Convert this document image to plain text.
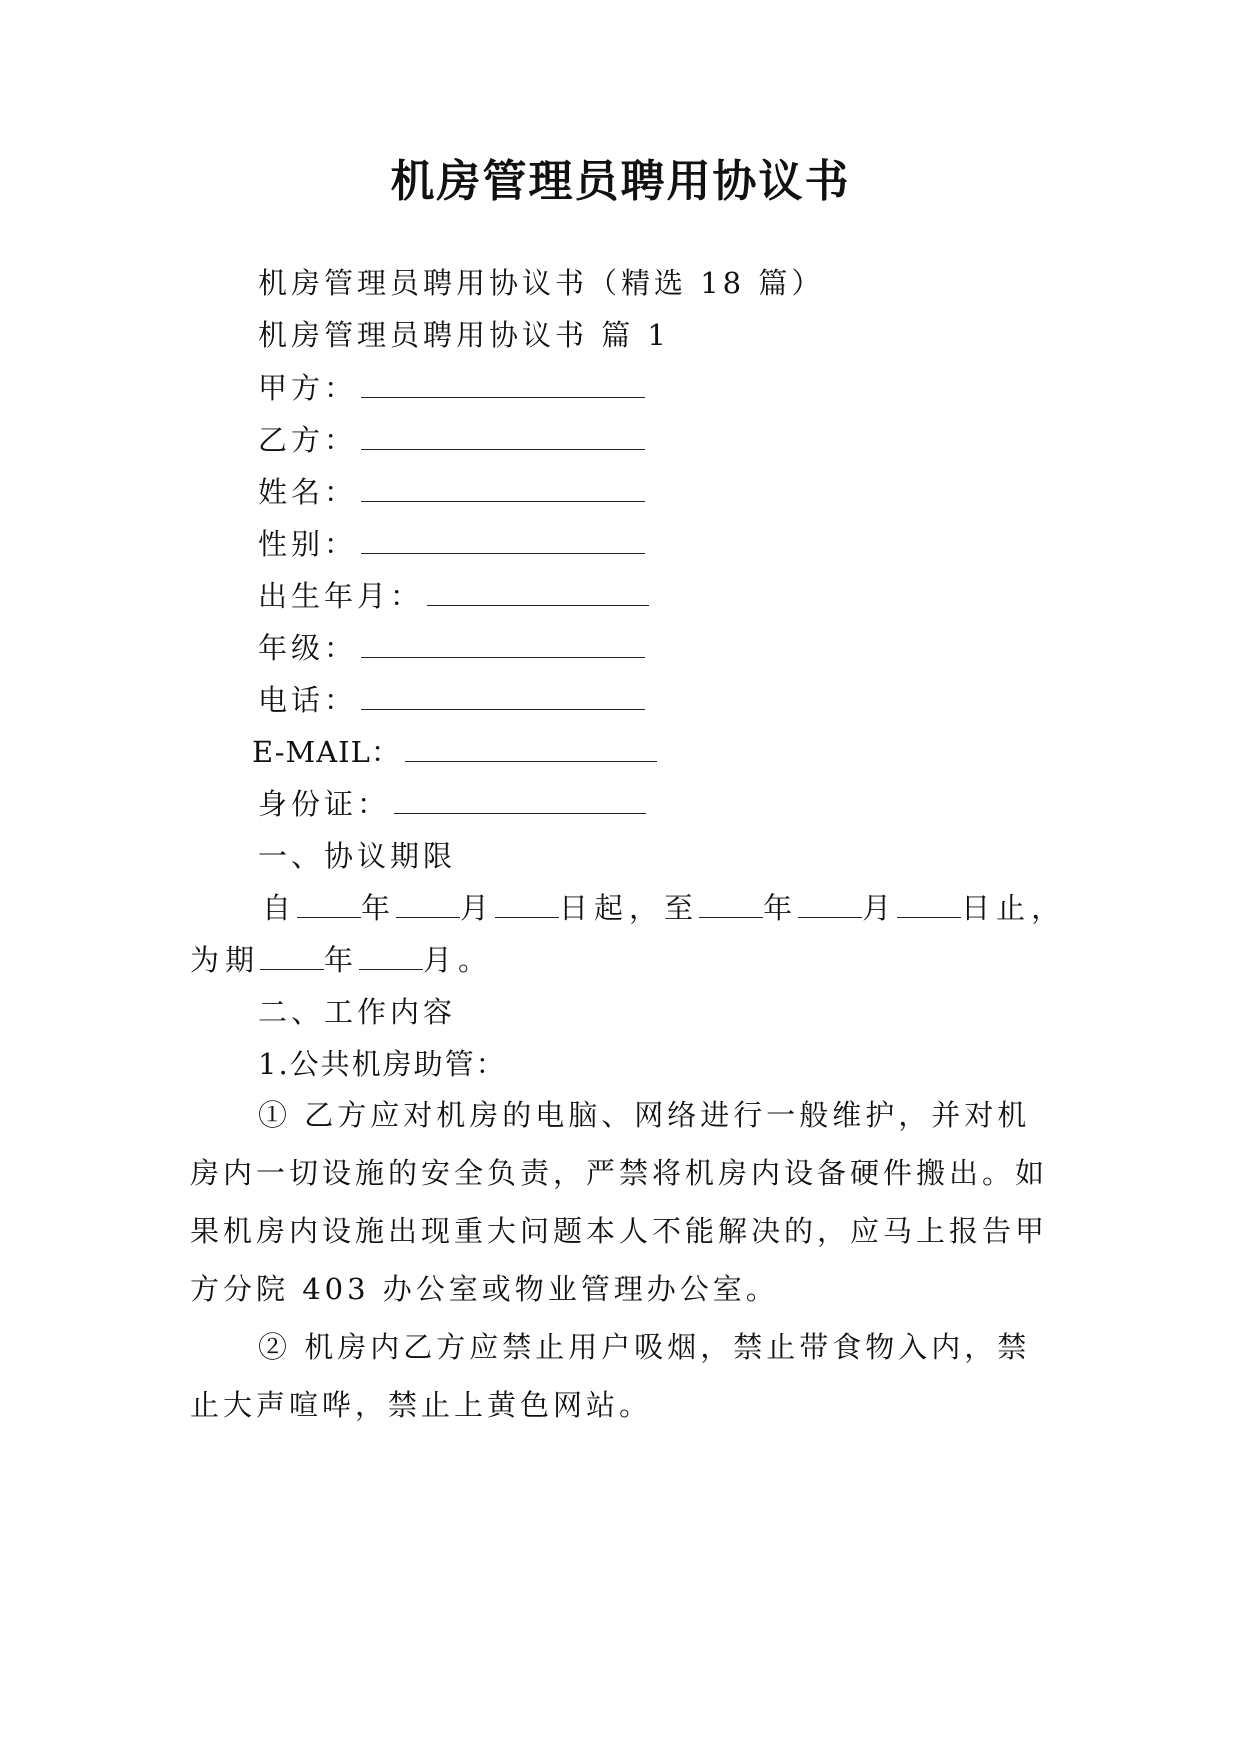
机房管理员聘用协议书
机房管理员聘用协议书（精选 18 篇）
机房管理员聘用协议书 篇 1
甲方：
乙方：
姓名：
性别：
出生年月：
年级：
电话：
E-MAIL：
身份证：
一、协议期限
自 年 月 日起，至 年 月 日止，
为期 年 月。
二、工作内容
1.公共机房助管：
① 乙方应对机房的电脑、网络进行一般维护，并对机房内一切设施的安全负责，严禁将机房内设备硬件搬出。如果机房内设施出现重大问题本人不能解决的，应马上报告甲方分院 403 办公室或物业管理办公室。
② 机房内乙方应禁止用户吸烟，禁止带食物入内，禁止大声喧哗，禁止上黄色网站。
